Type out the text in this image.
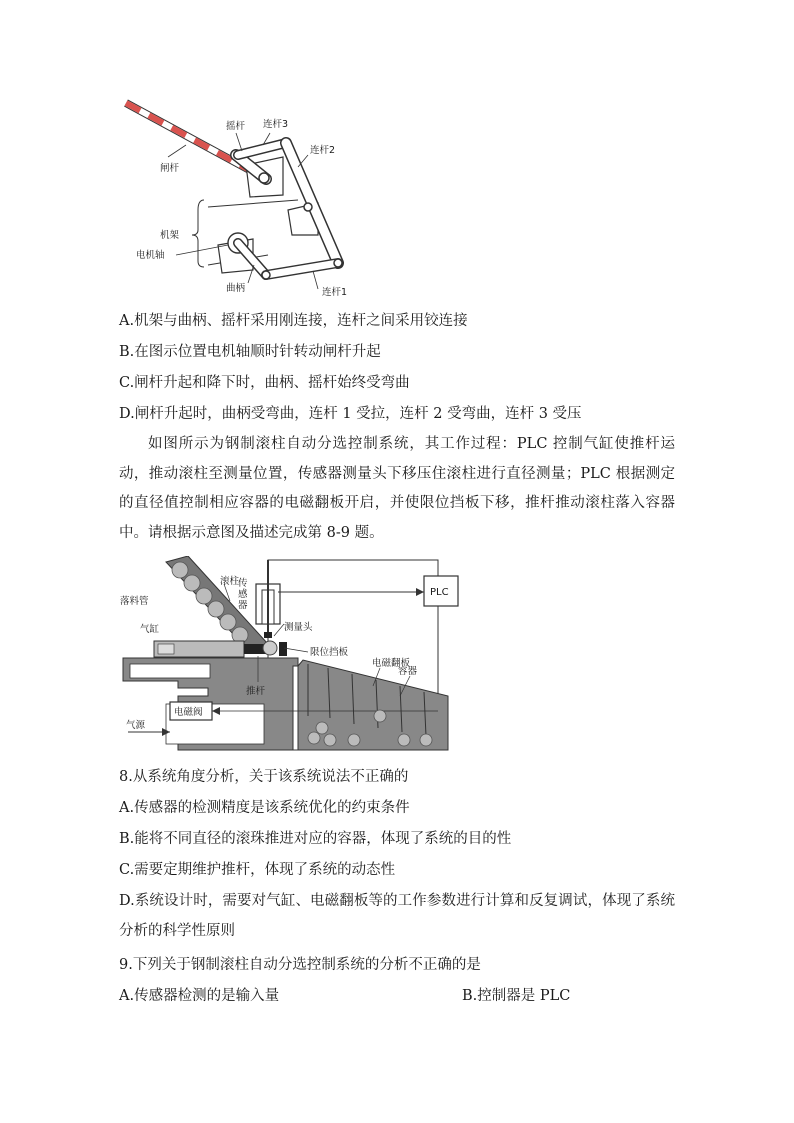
闸杆
摇杆 连杆3
连杆2
机架
电机轴
曲柄	连杆1
A.机架与曲柄、摇杆采用刚连接，连杆之间采用铰连接
B.在图示位置电机轴顺时针转动闸杆升起
C.闸杆升起和降下时，曲柄、摇杆始终受弯曲
D.闸杆升起时，曲柄受弯曲，连杆 1 受拉，连杆 2 受弯曲，连杆 3 受压
如图所示为钢制滚柱自动分选控制系统，其工作过程：PLC 控制气缸使推杆运动，推动滚柱至测量位置，传感器测量头下移压住滚柱进行直径测量；PLC 根据测定的直径值控制相应容器的电磁翻板开启，并使限位挡板下移，推杆推动滚柱落入容器中。请根据示意图及描述完成第 8-9 题。
PLC
电磁阀
气源
落料管
滚柱
传感器
测量头
气缸
限位挡板
电磁翻板
容器
推杆
8.从系统角度分析，关于该系统说法不正确的
A.传感器的检测精度是该系统优化的约束条件
B.能将不同直径的滚珠推进对应的容器，体现了系统的目的性
C.需要定期维护推杆，体现了系统的动态性
D.系统设计时，需要对气缸、电磁翻板等的工作参数进行计算和反复调试，体现了系统分析的科学性原则
9.下列关于钢制滚柱自动分选控制系统的分析不正确的是
A.传感器检测的是输入量	B.控制器是 PLC
